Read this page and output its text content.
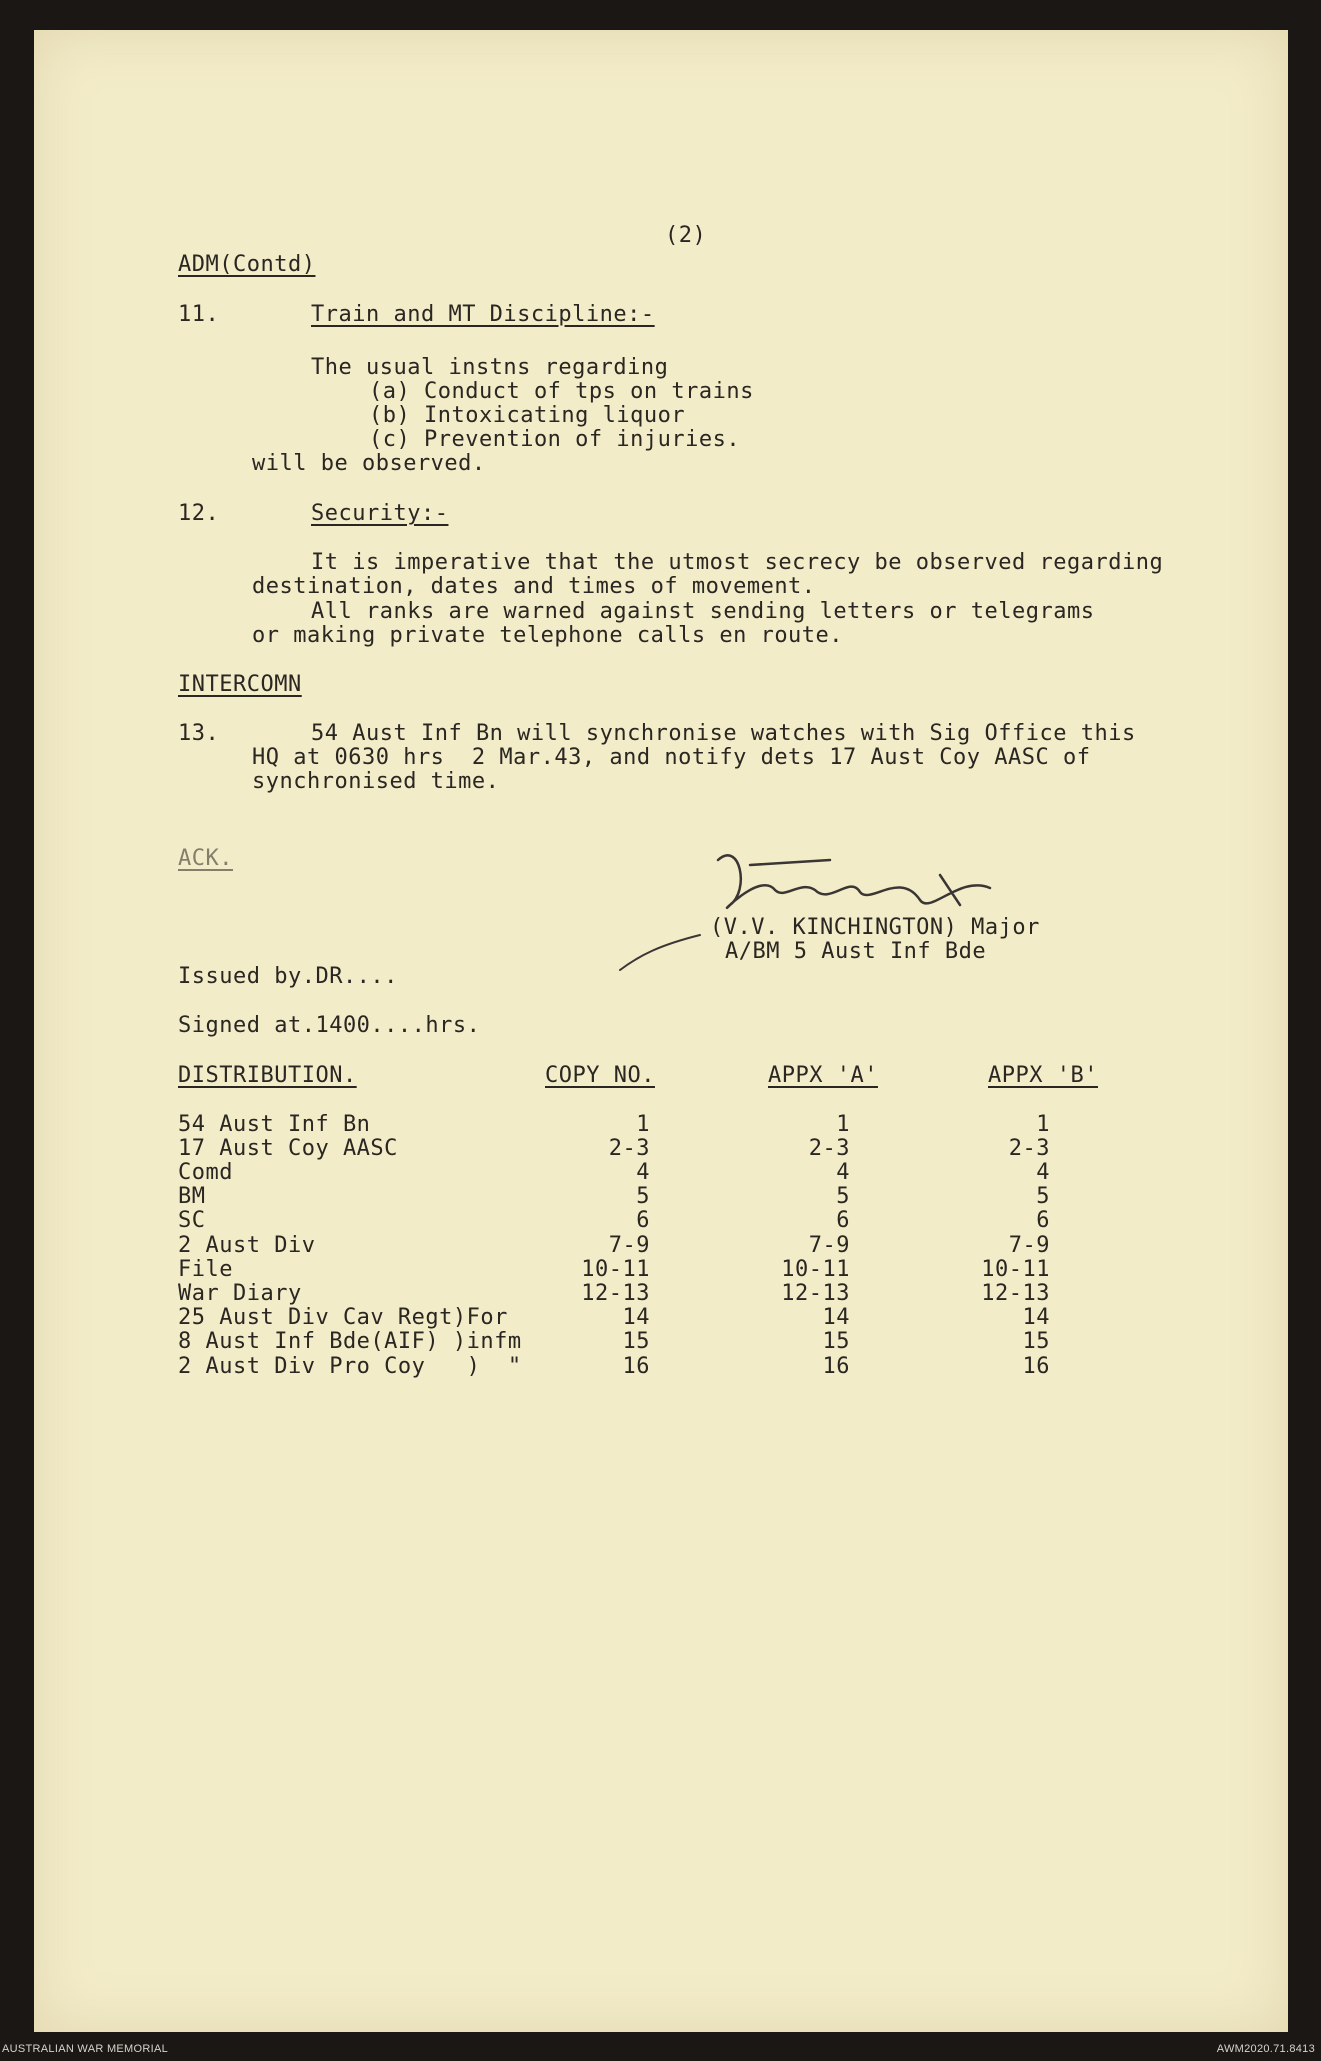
(2)
ADM(Contd)
11.	Train and MT Discipline:-
The usual instns regarding
(a) Conduct of tps on trains
(b) Intoxicating liquor
(c) Prevention of injuries.
will be observed.
12.	Security:-
It is imperative that the utmost secrecy be observed regarding
destination, dates and times of movement.
All ranks are warned against sending letters or telegrams
or making private telephone calls en route.
INTERCOMN
13.	54 Aust Inf Bn will synchronise watches with Sig Office this
HQ at 0630 hrs  2 Mar.43, and notify dets 17 Aust Coy AASC of
synchronised time.
ACK.
(V.V. KINCHINGTON) Major
A/BM 5 Aust Inf Bde
Issued by.DR....
Signed at.1400....hrs.
DISTRIBUTION.	COPY NO.	APPX 'A'	APPX 'B'
54 Aust Inf Bn	1	1	1
17 Aust Coy AASC	2-3	2-3	2-3
Comd	4	4	4
BM	5	5	5
SC	6	6	6
2 Aust Div	7-9	7-9	7-9
File	10-11	10-11	10-11
War Diary	12-13	12-13	12-13
25 Aust Div Cav Regt)For	14	14	14
8 Aust Inf Bde(AIF) )infm	15	15	15
2 Aust Div Pro Coy   )  "	16	16	16
AUSTRALIAN WAR MEMORIAL	AWM2020.71.8413
